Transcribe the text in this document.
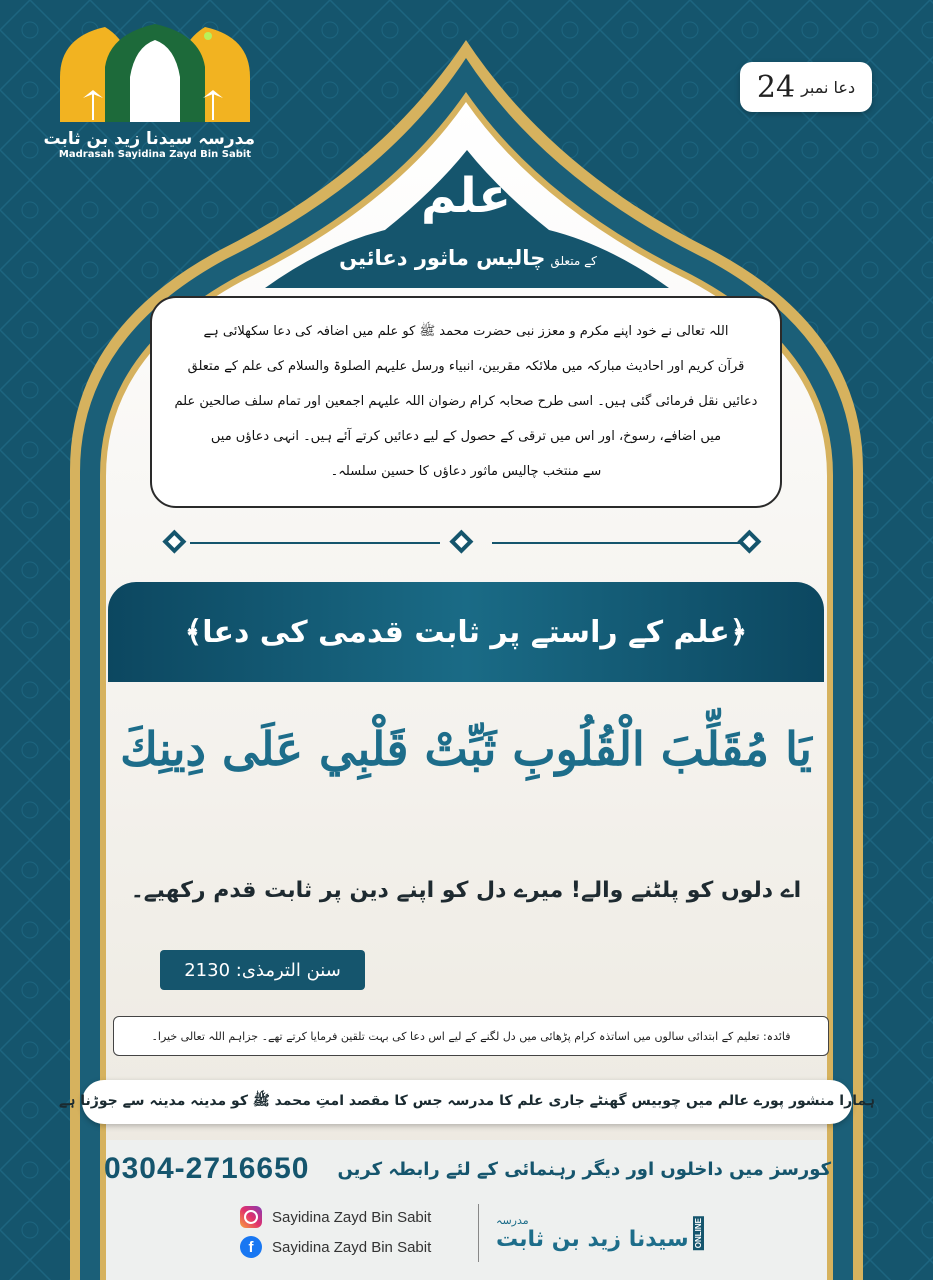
مدرسہ سیدنا زید بن ثابت
Madrasah Sayidina Zayd Bin Sabit
دعا نمبر
24
علم
کے متعلق چالیس ماثور دعائیں
اللہ تعالی نے خود اپنے مکرم و معزز نبی حضرت محمد ﷺ کو علم میں اضافہ کی دعا سکھلائی ہے
قرآن کریم اور احادیث مبارکہ میں ملائکہ مقربین، انبیاء ورسل علیہم الصلوۃ والسلام کی علم کے متعلق
دعائیں نقل فرمائی گئی ہیں۔ اسی طرح صحابہ کرام رضوان اللہ علیہم اجمعین اور تمام سلف صالحین علم
میں اضافے، رسوخ، اور اس میں ترقی کے حصول کے لیے دعائیں کرتے آئے ہیں۔ انہی دعاؤں میں
سے منتخب چالیس ماثور دعاؤں کا حسین سلسلہ۔
﴿علم کے راستے پر ثابت قدمی کی دعا﴾
يَا مُقَلِّبَ الْقُلُوبِ ثَبِّتْ قَلْبِي عَلَى دِينِكَ
اے دلوں کو پلٹنے والے! میرے دل کو اپنے دین پر ثابت قدم رکھیے۔
سنن الترمذی: 2130
فائدہ: تعلیم کے ابتدائی سالوں میں اساتذہ کرام پڑھائی میں دل لگنے کے لیے اس دعا کی بہت تلقین فرمایا کرتے تھے۔ جزاہم اللہ تعالی خیرا۔
ہمارا منشور پورے عالم میں چوبیس گھنٹے جاری علم کا مدرسہ جس کا مقصد امتِ محمد ﷺ کو مدینہ مدینہ سے جوڑنا ہے
0304-2716650 کورسز میں داخلوں اور دیگر رہنمائی کے لئے رابطہ کریں
Sayidina Zayd Bin Sabit
f	Sayidina Zayd Bin Sabit
مدرسہ
سیدنا زید بن ثابت ONLINE
